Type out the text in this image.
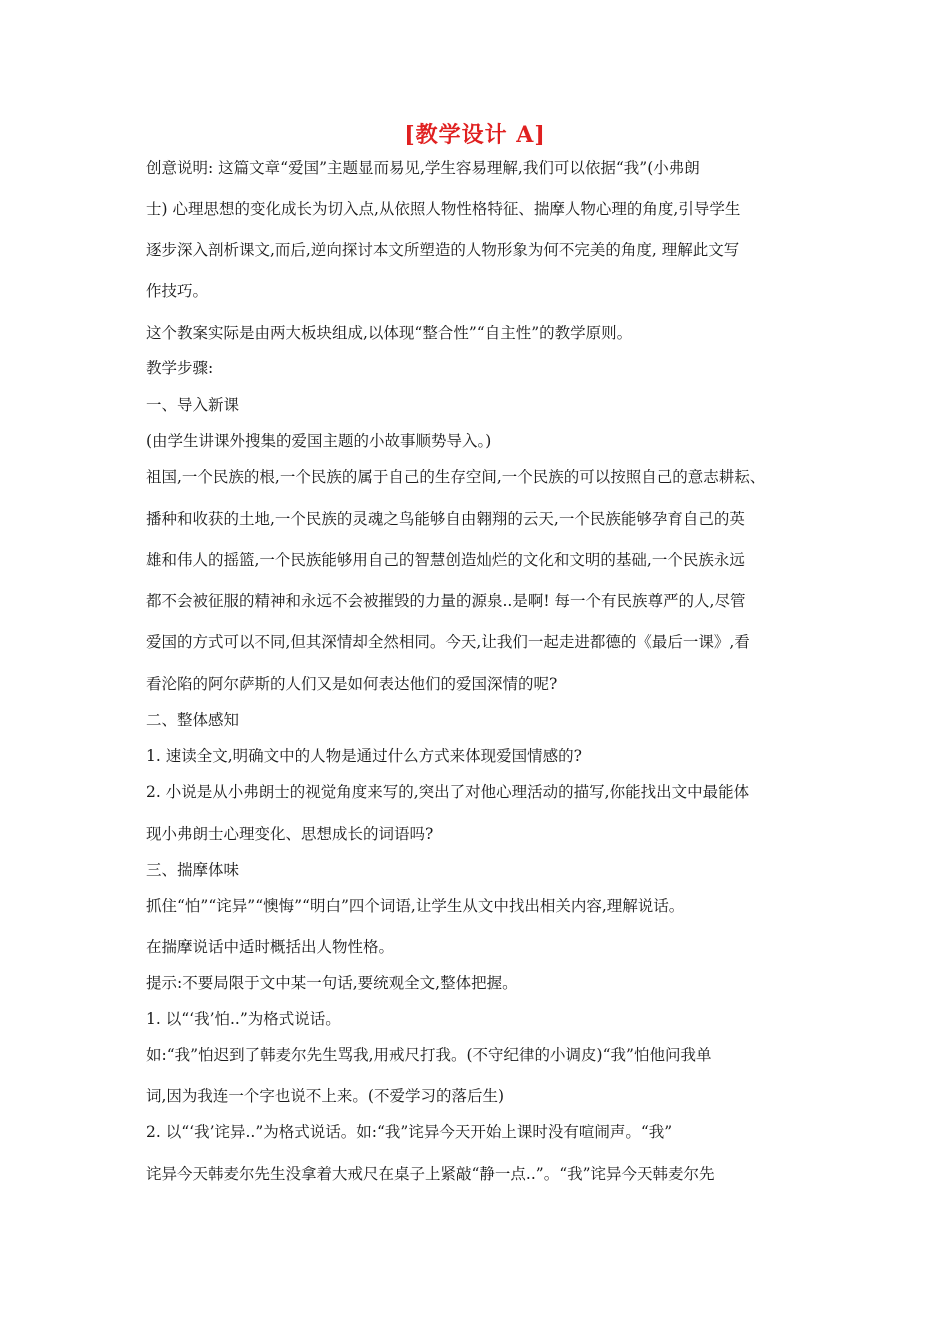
[教学设计 A]
创意说明: 这篇文章“爱国”主题显而易见,学生容易理解,我们可以依据“我”(小弗朗
士) 心理思想的变化成长为切入点,从依照人物性格特征、揣摩人物心理的角度,引导学生
逐步深入剖析课文,而后,逆向探讨本文所塑造的人物形象为何不完美的角度, 理解此文写
作技巧。
这个教案实际是由两大板块组成,以体现“整合性”“自主性”的教学原则。
教学步骤:
一、导入新课
(由学生讲课外搜集的爱国主题的小故事顺势导入。)
祖国,一个民族的根,一个民族的属于自己的生存空间,一个民族的可以按照自己的意志耕耘、
播种和收获的土地,一个民族的灵魂之鸟能够自由翱翔的云天,一个民族能够孕育自己的英
雄和伟人的摇篮,一个民族能够用自己的智慧创造灿烂的文化和文明的基础,一个民族永远
都不会被征服的精神和永远不会被摧毁的力量的源泉..是啊! 每一个有民族尊严的人,尽管
爱国的方式可以不同,但其深情却全然相同。今天,让我们一起走进都德的《最后一课》,看
看沦陷的阿尔萨斯的人们又是如何表达他们的爱国深情的呢?
二、整体感知
1. 速读全文,明确文中的人物是通过什么方式来体现爱国情感的?
2. 小说是从小弗朗士的视觉角度来写的,突出了对他心理活动的描写,你能找出文中最能体
现小弗朗士心理变化、思想成长的词语吗?
三、揣摩体味
抓住“怕”“诧异”“懊悔”“明白”四个词语,让学生从文中找出相关内容,理解说话。
在揣摩说话中适时概括出人物性格。
提示:不要局限于文中某一句话,要统观全文,整体把握。
1. 以“‘我’怕..”为格式说话。
如:“我”怕迟到了韩麦尔先生骂我,用戒尺打我。(不守纪律的小调皮)“我”怕他问我单
词,因为我连一个字也说不上来。(不爱学习的落后生)
2. 以“‘我’诧异..”为格式说话。如:“我”诧异今天开始上课时没有喧闹声。“我”
诧异今天韩麦尔先生没拿着大戒尺在桌子上紧敲“静一点..”。“我”诧异今天韩麦尔先
